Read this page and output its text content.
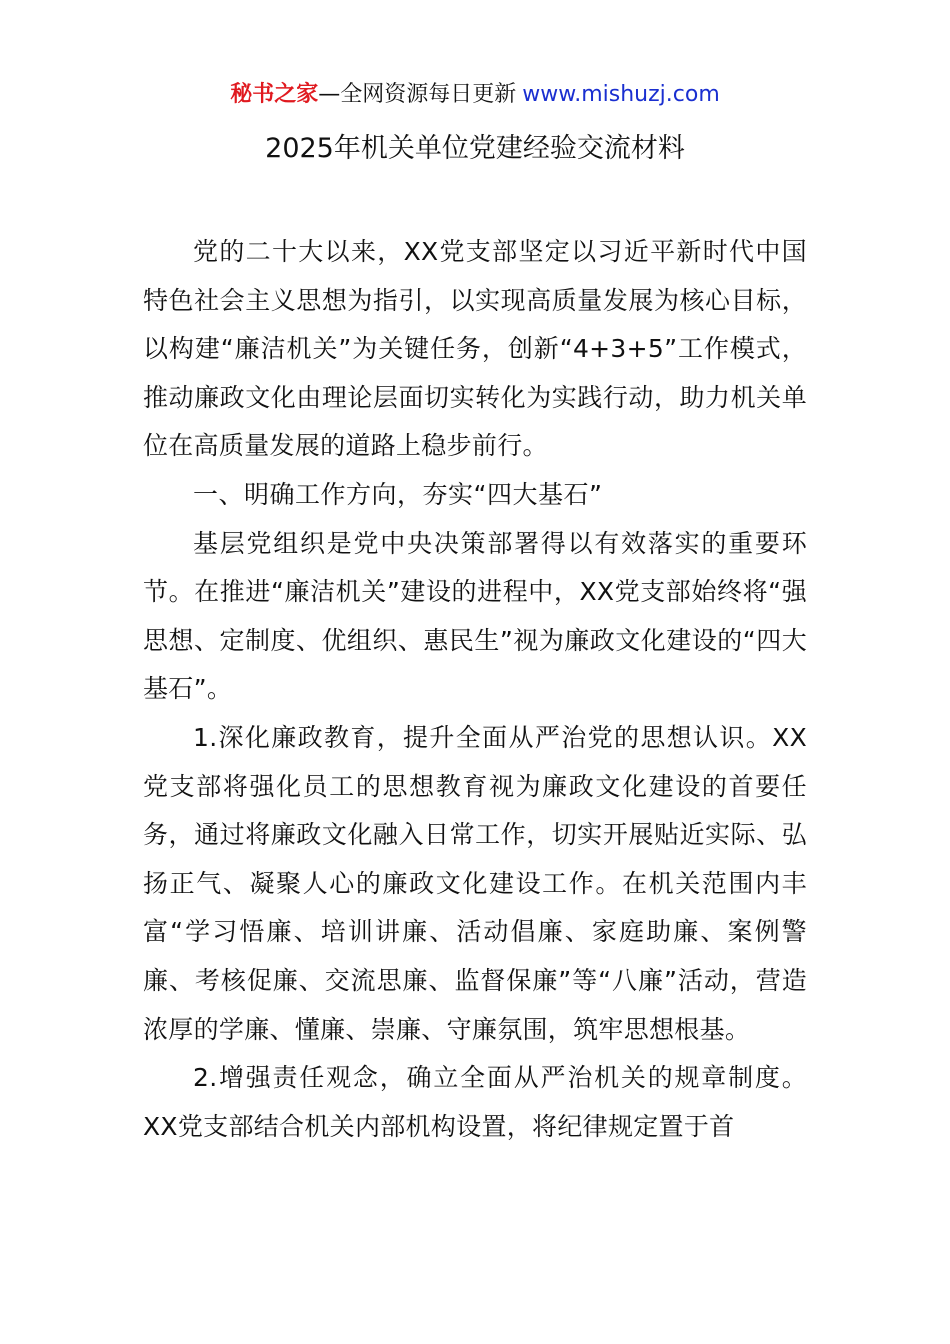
秘书之家—全网资源每日更新 www.mishuzj.com
2025年机关单位党建经验交流材料

党的二十大以来，XX党支部坚定以习近平新时代中国特色社会主义思想为指引，以实现高质量发展为核心目标，以构建“廉洁机关”为关键任务，创新“4+3+5”工作模式，推动廉政文化由理论层面切实转化为实践行动，助力机关单位在高质量发展的道路上稳步前行。

一、明确工作方向，夯实“四大基石”

基层党组织是党中央决策部署得以有效落实的重要环节。在推进“廉洁机关”建设的进程中，XX党支部始终将“强思想、定制度、优组织、惠民生”视为廉政文化建设的“四大基石”。

1.深化廉政教育，提升全面从严治党的思想认识。XX党支部将强化员工的思想教育视为廉政文化建设的首要任务，通过将廉政文化融入日常工作，切实开展贴近实际、弘扬正气、凝聚人心的廉政文化建设工作。在机关范围内丰富“学习悟廉、培训讲廉、活动倡廉、家庭助廉、案例警廉、考核促廉、交流思廉、监督保廉”等“八廉”活动，营造浓厚的学廉、懂廉、崇廉、守廉氛围，筑牢思想根基。

2.增强责任观念，确立全面从严治机关的规章制度。XX党支部结合机关内部机构设置，将纪律规定置于首
